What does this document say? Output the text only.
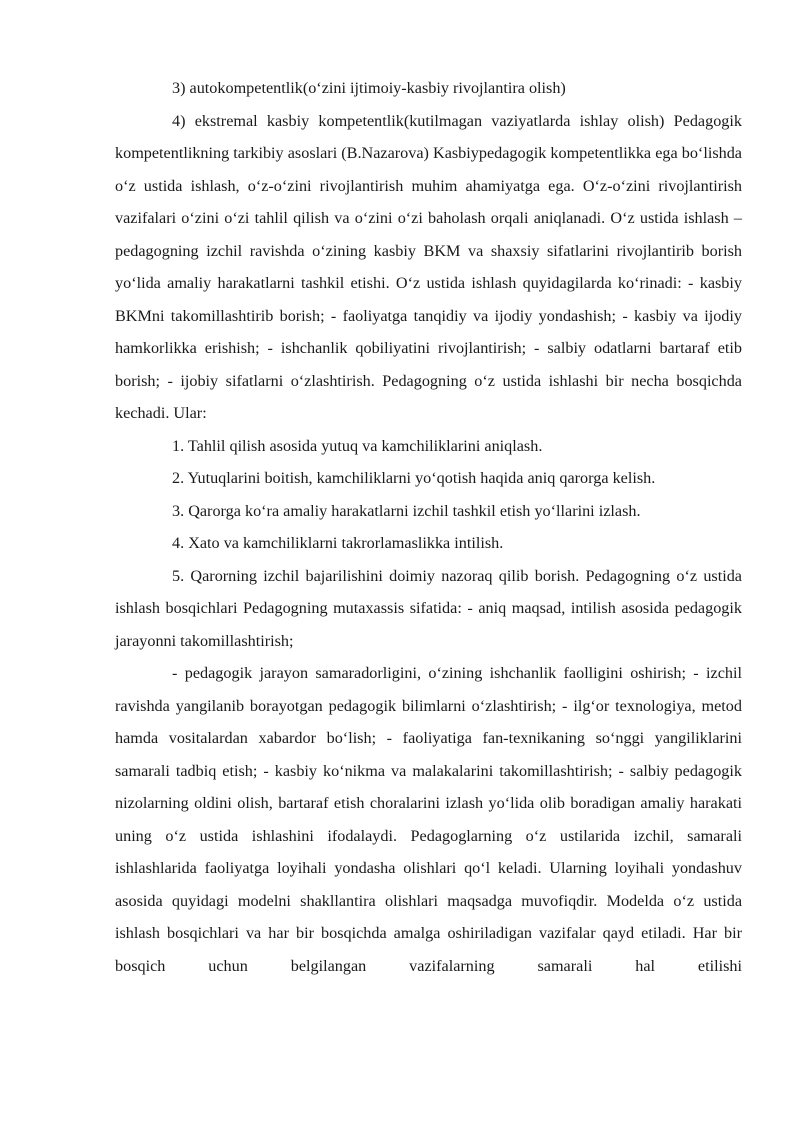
3) autokompetentlik(o‘zini ijtimoiy-kasbiy rivojlantira olish)

4) ekstremal kasbiy kompetentlik(kutilmagan vaziyatlarda ishlay olish) Pedagogik kompetentlikning tarkibiy asoslari (B.Nazarova) Kasbiypedagogik kompetentlikka ega bo‘lishda o‘z ustida ishlash, o‘z-o‘zini rivojlantirish muhim ahamiyatga ega. O‘z-o‘zini rivojlantirish vazifalari o‘zini o‘zi tahlil qilish va o‘zini o‘zi baholash orqali aniqlanadi. O‘z ustida ishlash – pedagogning izchil ravishda o‘zining kasbiy BKM va shaxsiy sifatlarini rivojlantirib borish yo‘lida amaliy harakatlarni tashkil etishi. O‘z ustida ishlash quyidagilarda ko‘rinadi: - kasbiy BKMni takomillashtirib borish; - faoliyatga tanqidiy va ijodiy yondashish; - kasbiy va ijodiy hamkorlikka erishish; - ishchanlik qobiliyatini rivojlantirish; - salbiy odatlarni bartaraf etib borish; - ijobiy sifatlarni o‘zlashtirish. Pedagogning o‘z ustida ishlashi bir necha bosqichda kechadi. Ular:

1. Tahlil qilish asosida yutuq va kamchiliklarini aniqlash.

2. Yutuqlarini boitish, kamchiliklarni yo‘qotish haqida aniq qarorga kelish.

3. Qarorga ko‘ra amaliy harakatlarni izchil tashkil etish yo‘llarini izlash.

4. Xato va kamchiliklarni takrorlamaslikka intilish.

5. Qarorning izchil bajarilishini doimiy nazoraq qilib borish. Pedagogning o‘z ustida ishlash bosqichlari Pedagogning mutaxassis sifatida: - aniq maqsad, intilish asosida pedagogik jarayonni takomillashtirish;

- pedagogik jarayon samaradorligini, o‘zining ishchanlik faolligini oshirish; - izchil ravishda yangilanib borayotgan pedagogik bilimlarni o‘zlashtirish; - ilg‘or texnologiya, metod hamda vositalardan xabardor bo‘lish; - faoliyatiga fan-texnikaning so‘nggi yangiliklarini samarali tadbiq etish; - kasbiy ko‘nikma va malakalarini takomillashtirish; - salbiy pedagogik nizolarning oldini olish, bartaraf etish choralarini izlash yo‘lida olib boradigan amaliy harakati uning o‘z ustida ishlashini ifodalaydi. Pedagoglarning o‘z ustilarida izchil, samarali ishlashlarida faoliyatga loyihali yondasha olishlari qo‘l keladi. Ularning loyihali yondashuv asosida quyidagi modelni shakllantira olishlari maqsadga muvofiqdir. Modelda o‘z ustida ishlash bosqichlari va har bir bosqichda amalga oshiriladigan vazifalar qayd etiladi. Har bir bosqich uchun belgilangan vazifalarning samarali hal etilishi
